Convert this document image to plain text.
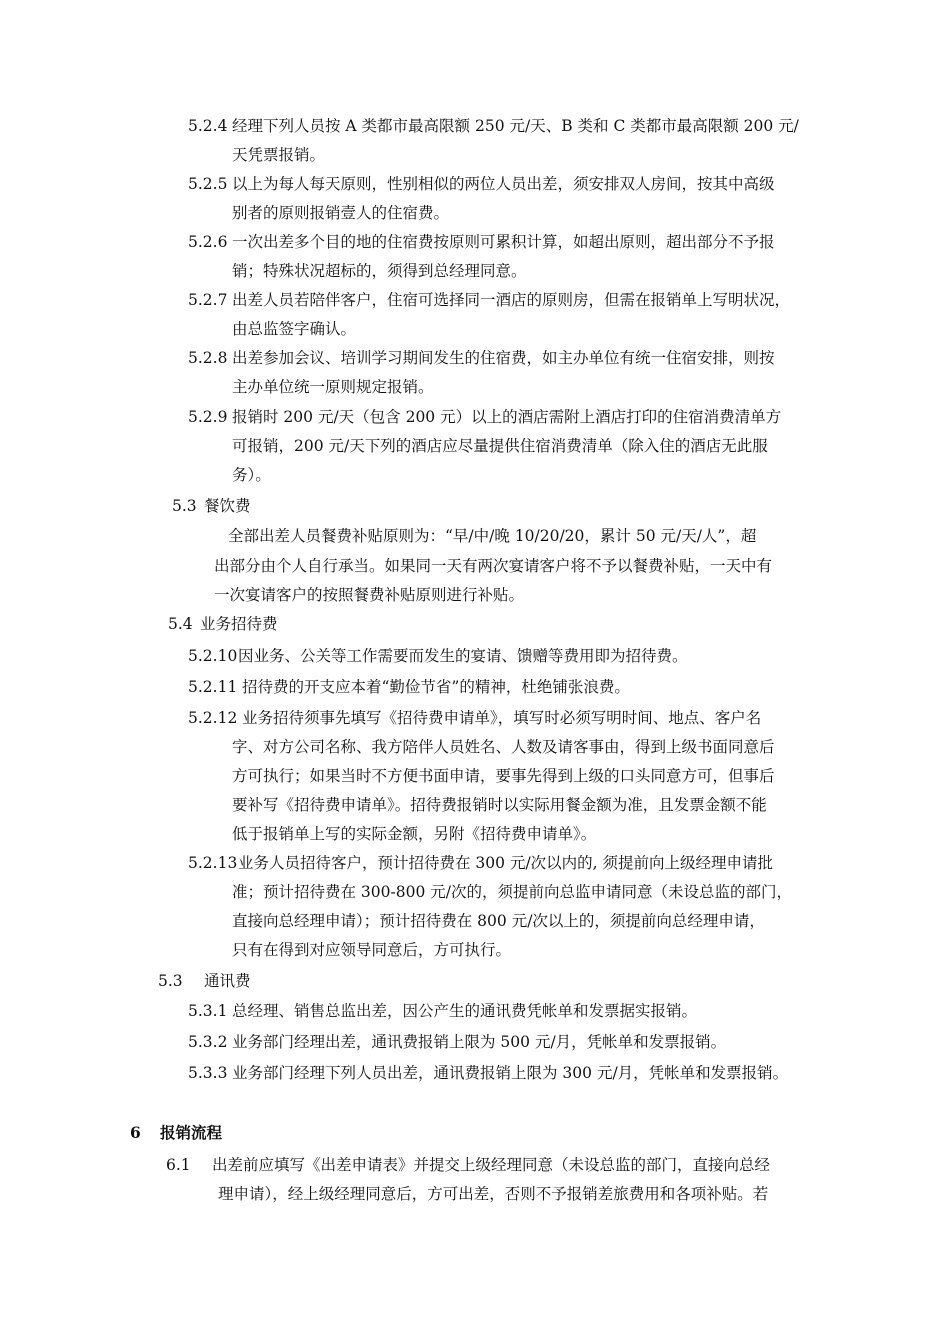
5.2.4 经理下列人员按 A 类都市最高限额 250 元/天、B 类和 C 类都市最高限额 200 元/
天凭票报销。
5.2.5 以上为每人每天原则，性别相似的两位人员出差，须安排双人房间，按其中高级
别者的原则报销壹人的住宿费。
5.2.6 一次出差多个目的地的住宿费按原则可累积计算，如超出原则，超出部分不予报
销；特殊状况超标的，须得到总经理同意。
5.2.7 出差人员若陪伴客户，住宿可选择同一酒店的原则房，但需在报销单上写明状况，
由总监签字确认。
5.2.8 出差参加会议、培训学习期间发生的住宿费，如主办单位有统一住宿安排，则按
主办单位统一原则规定报销。
5.2.9 报销时 200 元/天（包含 200 元）以上的酒店需附上酒店打印的住宿消费清单方
可报销，200 元/天下列的酒店应尽量提供住宿消费清单（除入住的酒店无此服
务）。
5.3 餐饮费
全部出差人员餐费补贴原则为：“早/中/晚 10/20/20，累计 50 元/天/人”，超
出部分由个人自行承当。如果同一天有两次宴请客户将不予以餐费补贴，一天中有
一次宴请客户的按照餐费补贴原则进行补贴。
5.4 业务招待费
5.2.10因业务、公关等工作需要而发生的宴请、馈赠等费用即为招待费。
5.2.11 招待费的开支应本着“勤俭节省”的精神，杜绝铺张浪费。
5.2.12 业务招待须事先填写《招待费申请单》，填写时必须写明时间、地点、客户名
字、对方公司名称、我方陪伴人员姓名、人数及请客事由，得到上级书面同意后
方可执行；如果当时不方便书面申请，要事先得到上级的口头同意方可，但事后
要补写《招待费申请单》。招待费报销时以实际用餐金额为准，且发票金额不能
低于报销单上写的实际金额，另附《招待费申请单》。
5.2.13业务人员招待客户，预计招待费在 300 元/次以内的, 须提前向上级经理申请批
准；预计招待费在 300-800 元/次的，须提前向总监申请同意（未设总监的部门，
直接向总经理申请）；预计招待费在 800 元/次以上的，须提前向总经理申请，
只有在得到对应领导同意后，方可执行。
5.3 通讯费
5.3.1 总经理、销售总监出差，因公产生的通讯费凭帐单和发票据实报销。
5.3.2 业务部门经理出差，通讯费报销上限为 500 元/月，凭帐单和发票报销。
5.3.3 业务部门经理下列人员出差，通讯费报销上限为 300 元/月，凭帐单和发票报销。
6 报销流程
6.1 出差前应填写《出差申请表》并提交上级经理同意（未设总监的部门，直接向总经
理申请），经上级经理同意后，方可出差，否则不予报销差旅费用和各项补贴。若
